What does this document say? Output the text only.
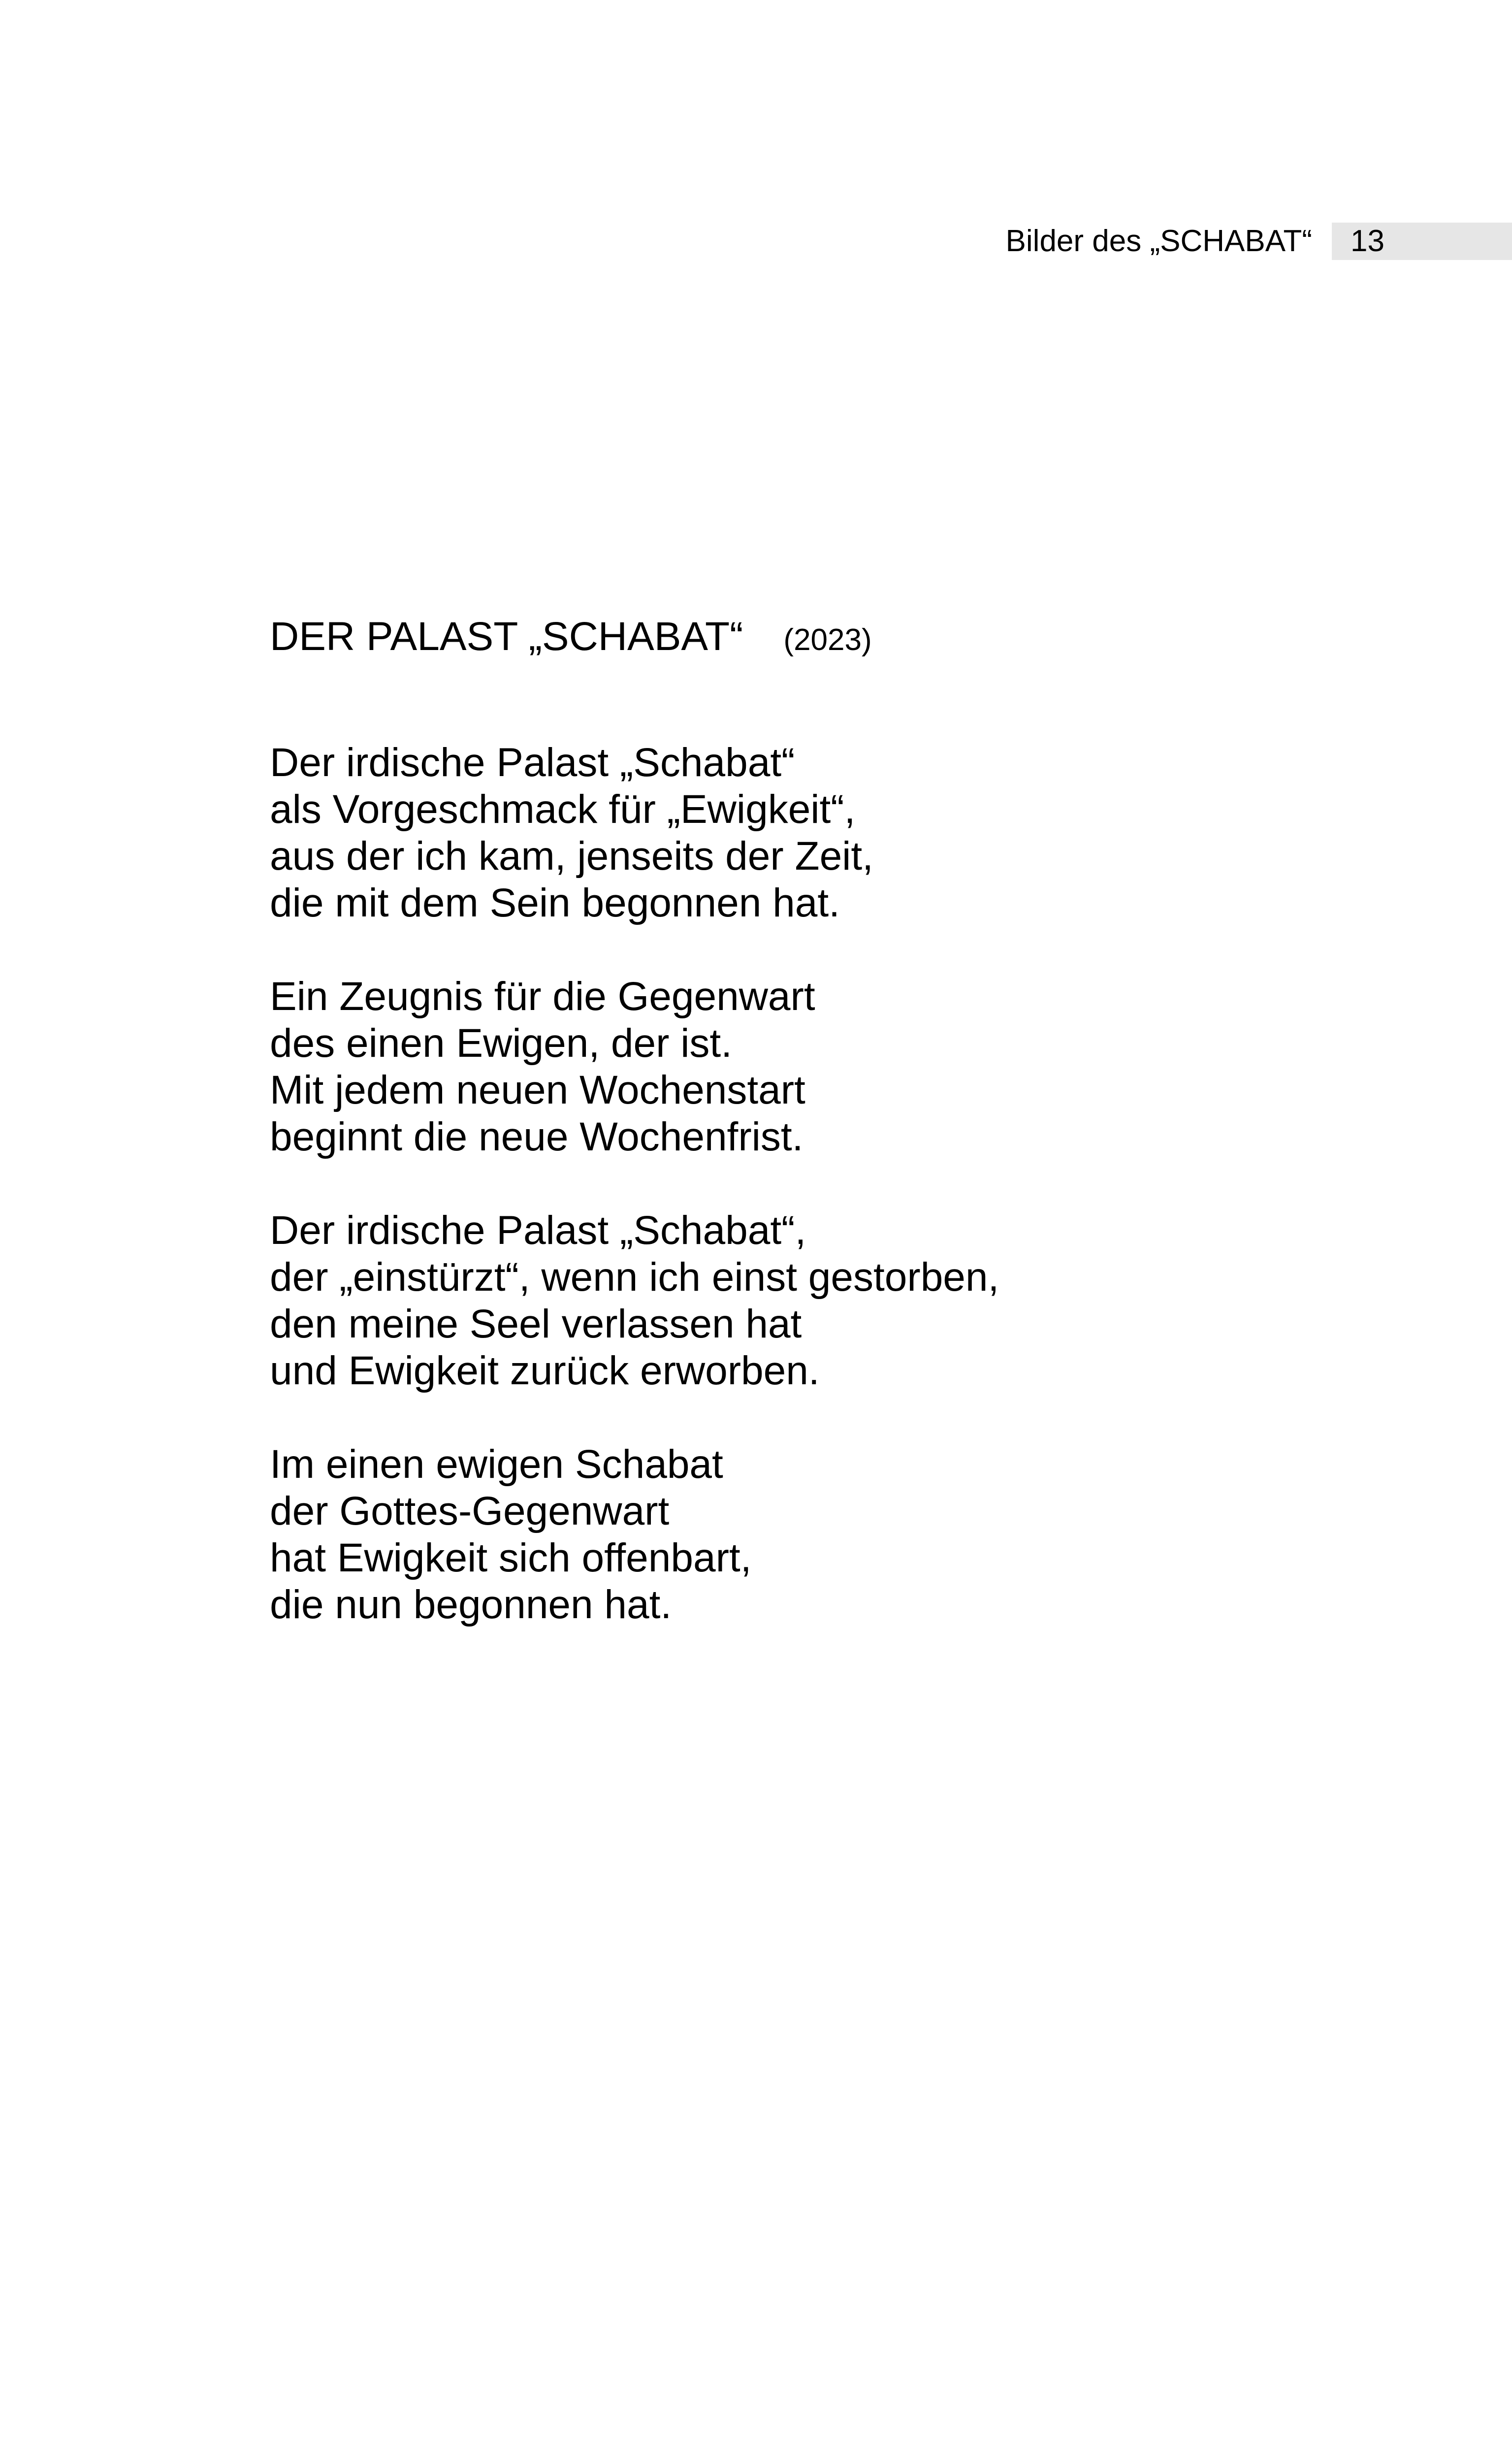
Bilder des „SCHABAT“	13
DER PALAST „SCHABAT“ (2023)
Der irdische Palast „Schabat“
als Vorgeschmack für „Ewigkeit“,
aus der ich kam, jenseits der Zeit,
die mit dem Sein begonnen hat.
Ein Zeugnis für die Gegenwart
des einen Ewigen, der ist.
Mit jedem neuen Wochenstart
beginnt die neue Wochenfrist.
Der irdische Palast „Schabat“,
der „einstürzt“, wenn ich einst gestorben,
den meine Seel verlassen hat
und Ewigkeit zurück erworben.
Im einen ewigen Schabat
der Gottes-Gegenwart
hat Ewigkeit sich offenbart,
die nun begonnen hat.
